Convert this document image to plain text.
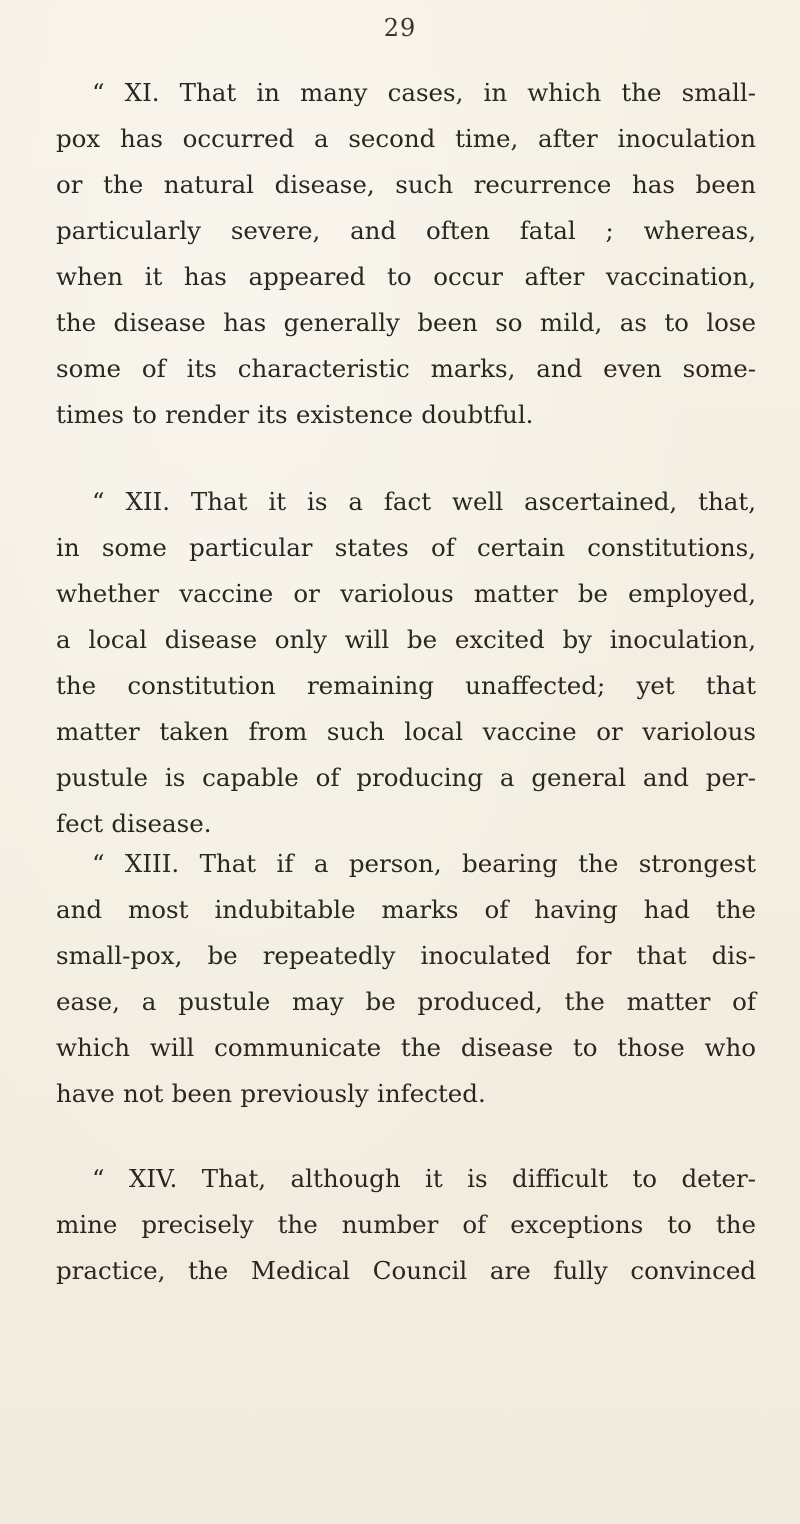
29
“ XI. That in many cases, in which the small-
pox has occurred a second time, after inoculation
or the natural disease, such recurrence has been
particularly severe, and often fatal ; whereas,
when it has appeared to occur after vaccination,
the disease has generally been so mild, as to lose
some of its characteristic marks, and even some-
times to render its existence doubtful.
“ XII. That it is a fact well ascertained, that,
in some particular states of certain constitutions,
whether vaccine or variolous matter be employed,
a local disease only will be excited by inoculation,
the constitution remaining unaffected; yet that
matter taken from such local vaccine or variolous
pustule is capable of producing a general and per-
fect disease.
“ XIII. That if a person, bearing the strongest
and most indubitable marks of having had the
small-pox, be repeatedly inoculated for that dis-
ease, a pustule may be produced, the matter of
which will communicate the disease to those who
have not been previously infected.
“ XIV. That, although it is difficult to deter-
mine precisely the number of exceptions to the
practice, the Medical Council are fully convinced
